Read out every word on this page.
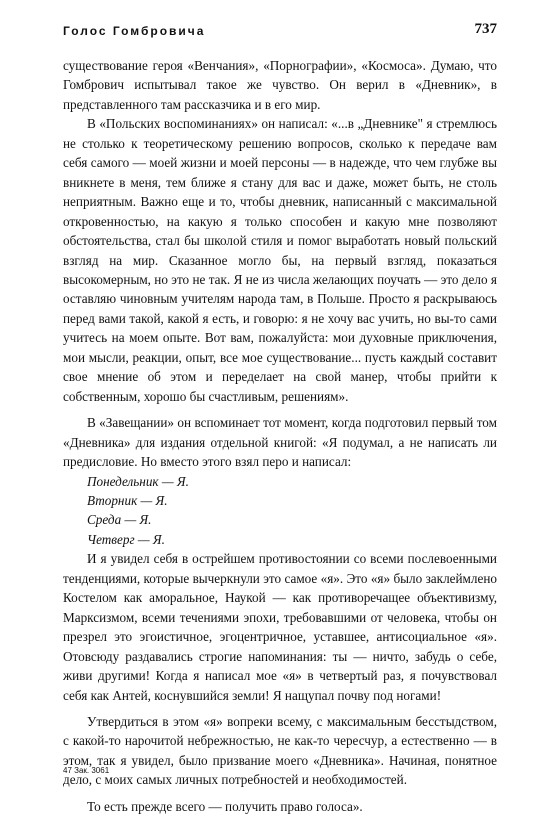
Голос Гомбровича	737

существование героя «Венчания», «Порнографии», «Космоса». Думаю, что Гомбрович испытывал такое же чувство. Он верил в «Дневник», в представленного там рассказчика и в его мир.

В «Польских воспоминаниях» он написал: «...в „Дневнике" я стремлюсь не столько к теоретическому решению вопросов, сколько к передаче вам себя самого — моей жизни и моей персоны — в надежде, что чем глубже вы вникнете в меня, тем ближе я стану для вас и даже, может быть, не столь неприятным. Важно еще и то, чтобы дневник, написанный с максимальной откровенностью, на какую я только способен и какую мне позволяют обстоятельства, стал бы школой стиля и помог выработать новый польский взгляд на мир. Сказанное могло бы, на первый взгляд, показаться высокомерным, но это не так. Я не из числа желающих поучать — это дело я оставляю чиновным учителям народа там, в Польше. Просто я раскрываюсь перед вами такой, какой я есть, и говорю: я не хочу вас учить, но вы-то сами учитесь на моем опыте. Вот вам, пожалуйста: мои духовные приключения, мои мысли, реакции, опыт, все мое существование... пусть каждый составит свое мнение об этом и переделает на свой манер, чтобы прийти к собственным, хорошо бы счастливым, решениям».

В «Завещании» он вспоминает тот момент, когда подготовил первый том «Дневника» для издания отдельной книгой: «Я подумал, а не написать ли предисловие. Но вместо этого взял перо и написал:

Понедельник — Я.

Вторник — Я.

Среда — Я.

Четверг — Я.

И я увидел себя в острейшем противостоянии со всеми послевоенными тенденциями, которые вычеркнули это самое «я». Это «я» было заклеймлено Костелом как аморальное, Наукой — как противоречащее объективизму, Марксизмом, всеми течениями эпохи, требовавшими от человека, чтобы он презрел это эгоистичное, эгоцентричное, уставшее, антисоциальное «я». Отовсюду раздавались строгие напоминания: ты — ничто, забудь о себе, живи другими! Когда я написал мое «я» в четвертый раз, я почувствовал себя как Антей, коснувшийся земли! Я нащупал почву под ногами!

Утвердиться в этом «я» вопреки всему, с максимальным бесстыдством, с какой-то нарочитой небрежностью, не как-то чересчур, а естественно — в этом, так я увидел, было призвание моего «Дневника». Начиная, понятное дело, с моих самых личных потребностей и необходимостей.

То есть прежде всего — получить право голоса».

47 Зак. 3061
